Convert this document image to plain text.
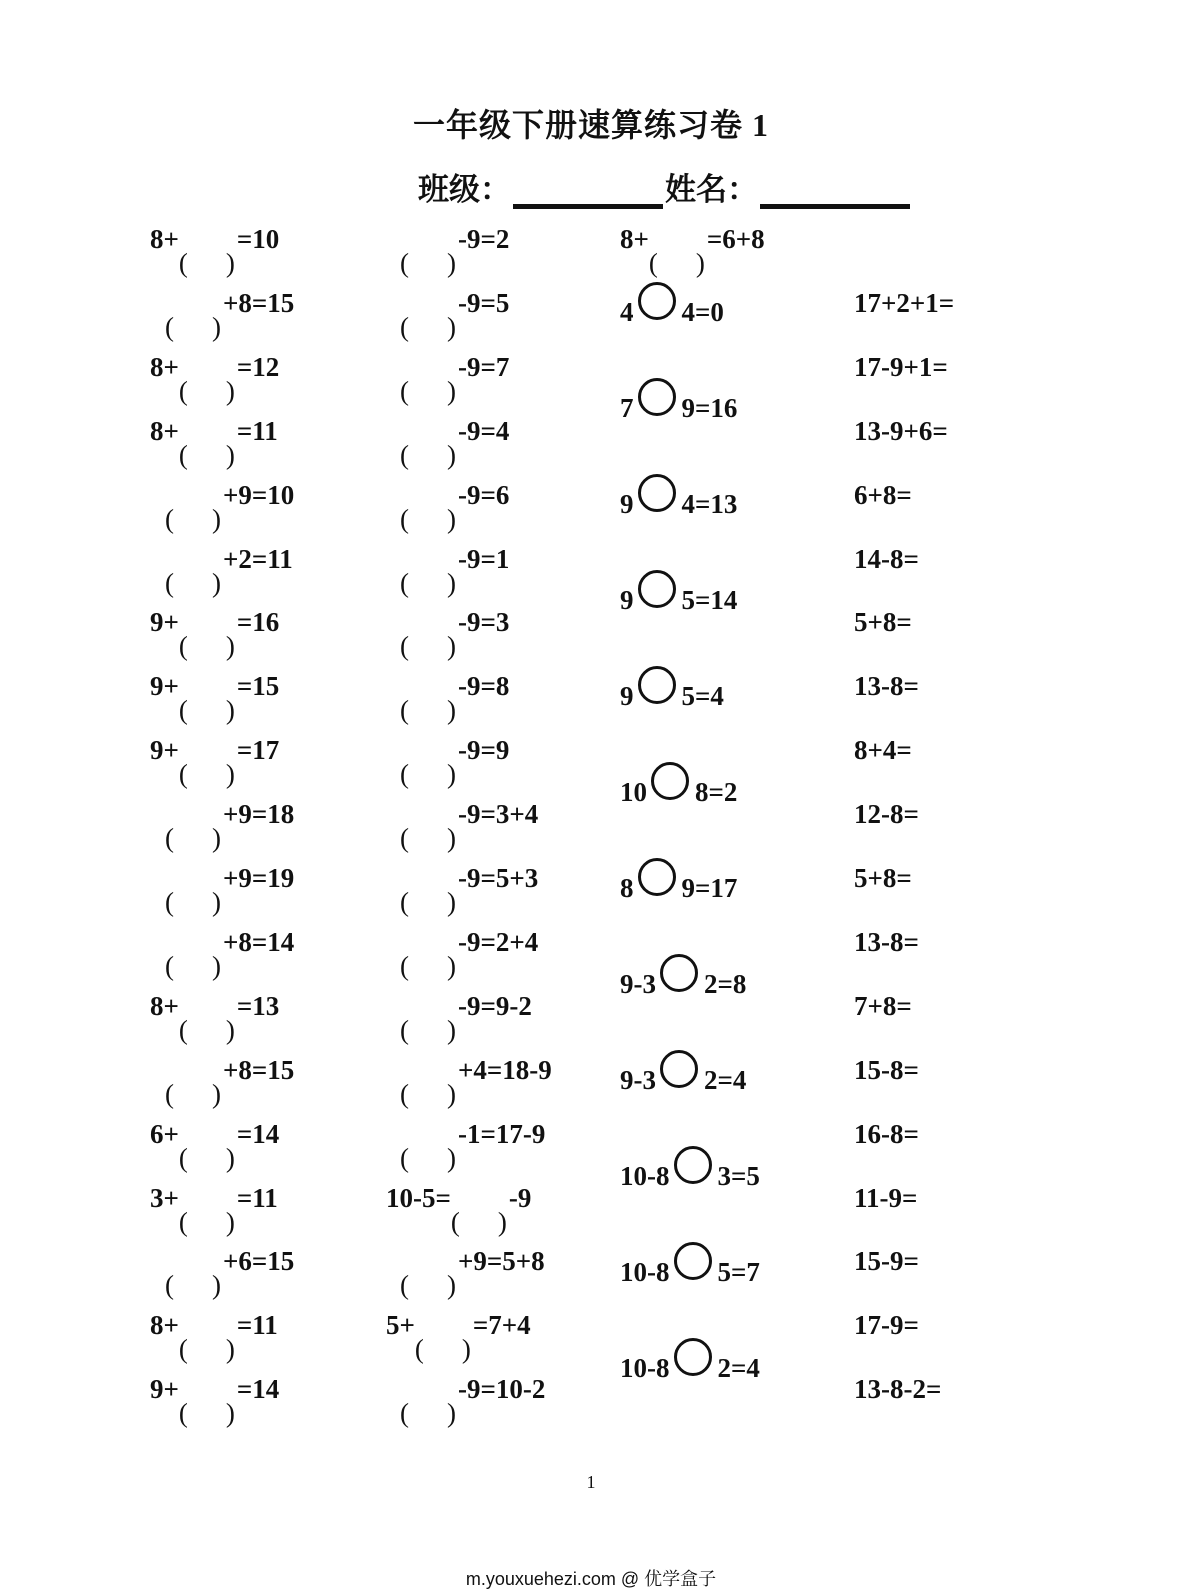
一年级下册速算练习卷 1
班级：	姓名：
8+ =10
+8=15
8+ =12
8+ =11
+9=10
+2=11
9+ =16
9+ =15
9+ =17
+9=18
+9=19
+8=14
8+ =13
+8=15
6+ =14
3+ =11
+6=15
8+ =11
9+ =14
-9=2
-9=5
-9=7
-9=4
-9=6
-9=1
-9=3
-9=8
-9=9
-9=3+4
-9=5+3
-9=2+4
-9=9-2
+4=18-9
-1=17-9
10-5= -9
+9=5+8
5+ =7+4
-9=10-2
8+ =6+8
4 4=0
7 9=16
9 4=13
9 5=14
9 5=4
10 8=2
8 9=17
9-3 2=8
9-3 2=4
10-8 3=5
10-8 5=7
10-8 2=4
17+2+1=
17-9+1=
13-9+6=
6+8=
14-8=
5+8=
13-8=
8+4=
12-8=
5+8=
13-8=
7+8=
15-8=
16-8=
11-9=
15-9=
17-9=
13-8-2=
1
m.youxuehezi.com @ 优学盒子
